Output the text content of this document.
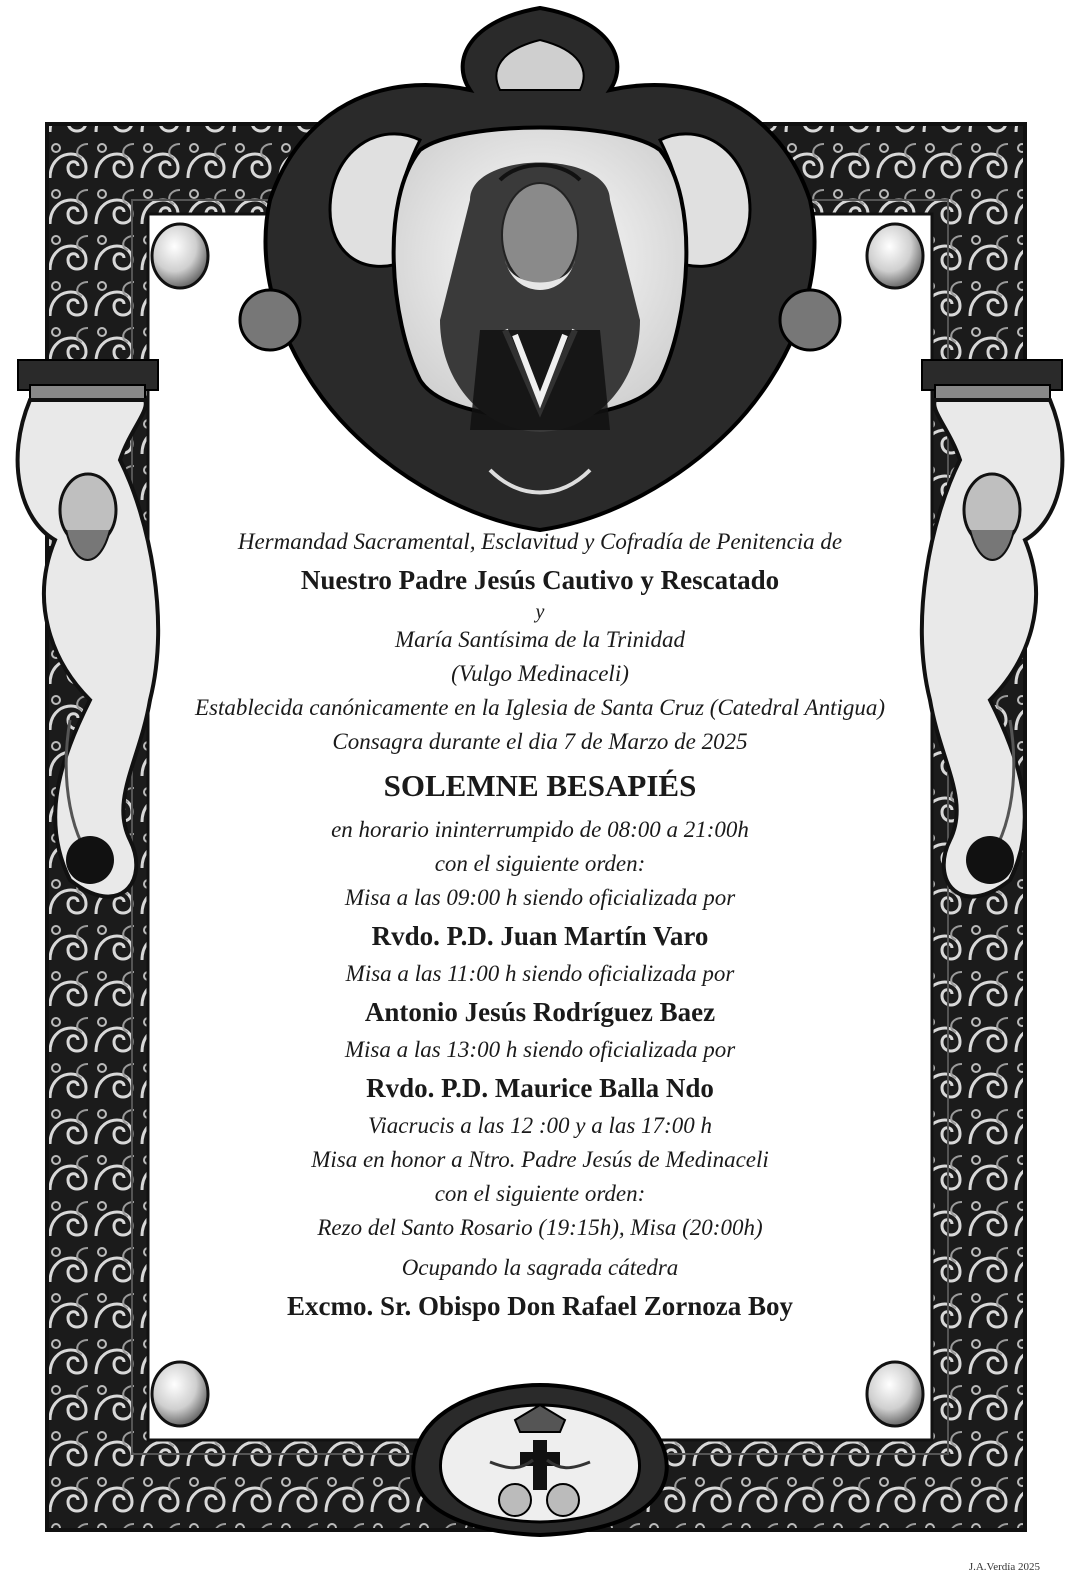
Hermandad Sacramental, Esclavitud y Cofradía de Penitencia de
Nuestro Padre Jesús Cautivo y Rescatado
y
María Santísima de la Trinidad
(Vulgo Medinaceli)
Establecida canónicamente en la Iglesia de Santa Cruz (Catedral Antigua)
Consagra durante el dia 7 de Marzo de 2025
SOLEMNE BESAPIÉS
en horario ininterrumpido de 08:00 a 21:00h
con el siguiente orden:
Misa a las 09:00 h siendo oficializada por
Rvdo. P.D. Juan Martín Varo
Misa a las 11:00 h siendo oficializada por
Antonio Jesús Rodríguez Baez
Misa a las 13:00 h siendo oficializada por
Rvdo. P.D. Maurice Balla Ndo
Viacrucis a las 12 :00 y a las 17:00 h
Misa en honor a Ntro. Padre Jesús de Medinaceli
con el siguiente orden:
Rezo del Santo Rosario (19:15h), Misa (20:00h)
Ocupando la sagrada cátedra
Excmo. Sr. Obispo Don Rafael Zornoza Boy
J.A.Verdía 2025
